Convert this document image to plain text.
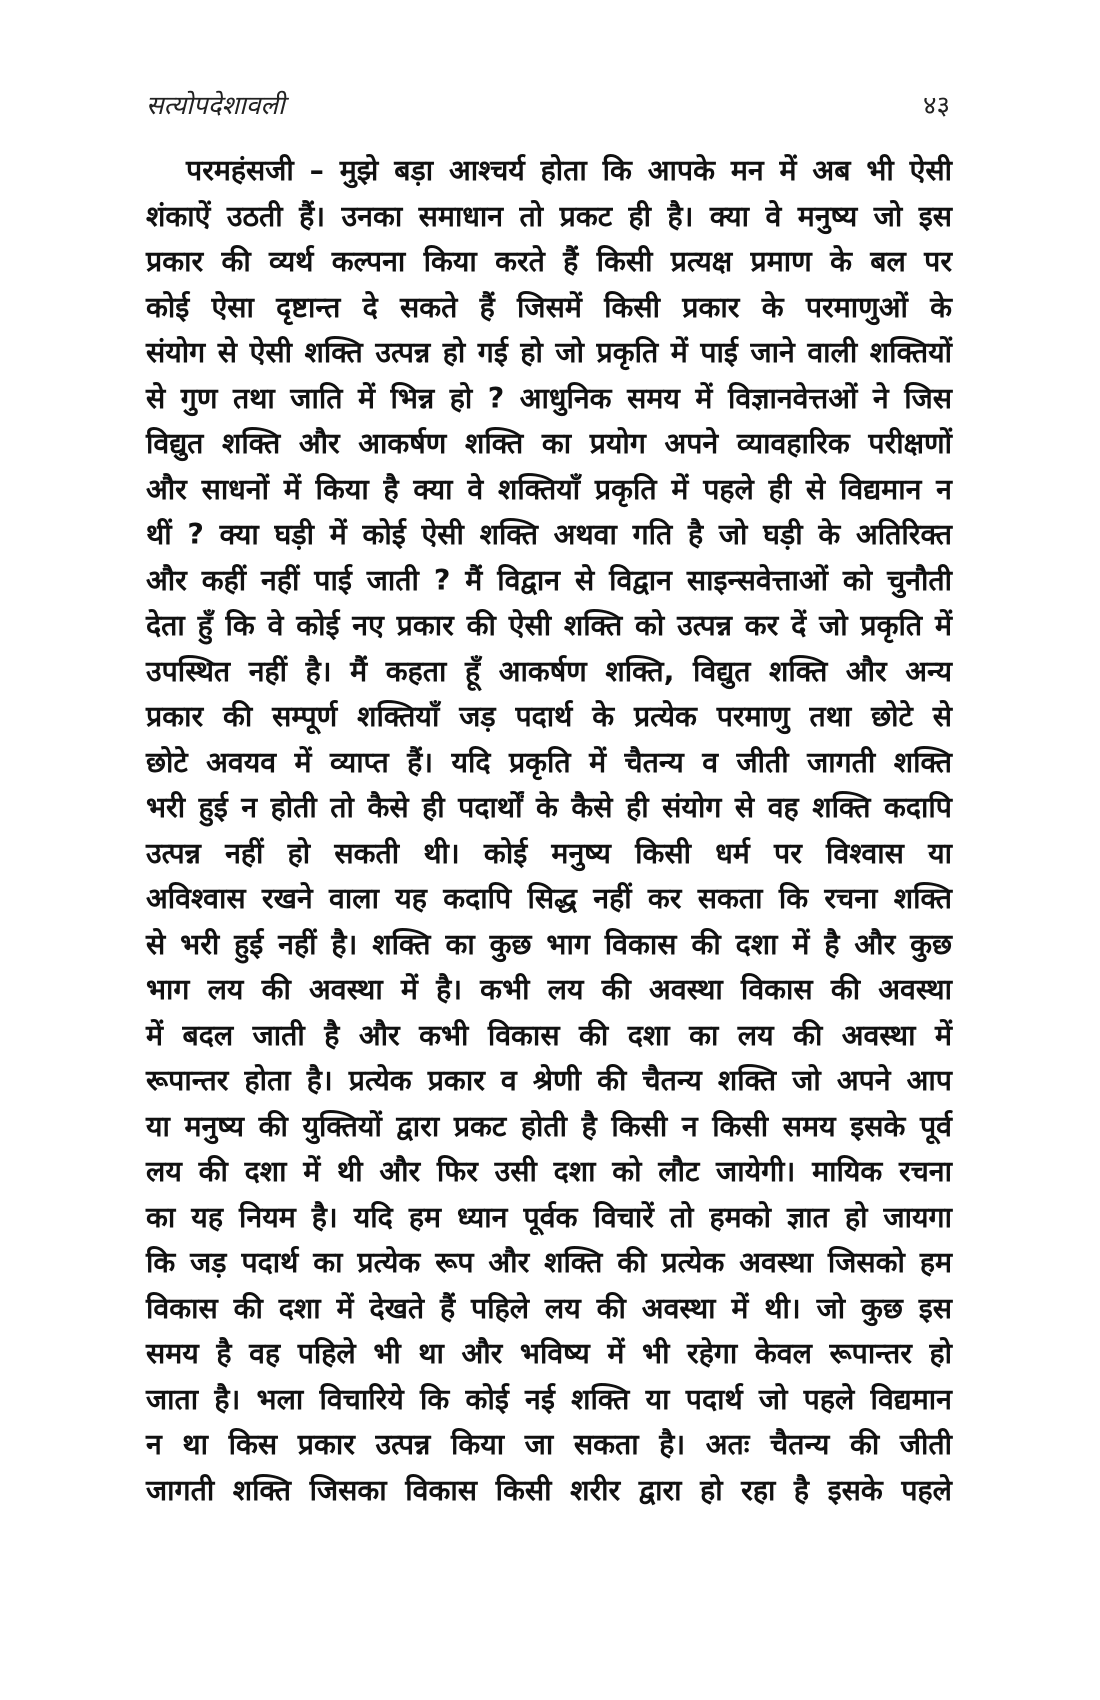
सत्योपदेशावली	४३
परमहंसजी – मुझे बड़ा आश्चर्य होता कि आपके मन में अब भी ऐसी
शंकाऐं उठती हैं। उनका समाधान तो प्रकट ही है। क्या वे मनुष्य जो इस
प्रकार की व्यर्थ कल्पना किया करते हैं किसी प्रत्यक्ष प्रमाण के बल पर
कोई ऐसा दृष्टान्त दे सकते हैं जिसमें किसी प्रकार के परमाणुओं के
संयोग से ऐसी शक्ति उत्पन्न हो गई हो जो प्रकृति में पाई जाने वाली शक्तियों
से गुण तथा जाति में भिन्न हो ? आधुनिक समय में विज्ञानवेत्तओं ने जिस
विद्युत शक्ति और आकर्षण शक्ति का प्रयोग अपने व्यावहारिक परीक्षणों
और साधनों में किया है क्या वे शक्तियाँ प्रकृति में पहले ही से विद्यमान न
थीं ? क्या घड़ी में कोई ऐसी शक्ति अथवा गति है जो घड़ी के अतिरिक्त
और कहीं नहीं पाई जाती ? मैं विद्वान से विद्वान साइन्सवेत्ताओं को चुनौती
देता हुँ कि वे कोई नए प्रकार की ऐसी शक्ति को उत्पन्न कर दें जो प्रकृति में
उपस्थित नहीं है। मैं कहता हूँ आकर्षण शक्ति, विद्युत शक्ति और अन्य
प्रकार की सम्पूर्ण शक्तियाँ जड़ पदार्थ के प्रत्येक परमाणु तथा छोटे से
छोटे अवयव में व्याप्त हैं। यदि प्रकृति में चैतन्य व जीती जागती शक्ति
भरी हुई न होती तो कैसे ही पदार्थों के कैसे ही संयोग से वह शक्ति कदापि
उत्पन्न नहीं हो सकती थी। कोई मनुष्य किसी धर्म पर विश्वास या
अविश्वास रखने वाला यह कदापि सिद्ध नहीं कर सकता कि रचना शक्ति
से भरी हुई नहीं है। शक्ति का कुछ भाग विकास की दशा में है और कुछ
भाग लय की अवस्था में है। कभी लय की अवस्था विकास की अवस्था
में बदल जाती है और कभी विकास की दशा का लय की अवस्था में
रूपान्तर होता है। प्रत्येक प्रकार व श्रेणी की चैतन्य शक्ति जो अपने आप
या मनुष्य की युक्तियों द्वारा प्रकट होती है किसी न किसी समय इसके पूर्व
लय की दशा में थी और फिर उसी दशा को लौट जायेगी। मायिक रचना
का यह नियम है। यदि हम ध्यान पूर्वक विचारें तो हमको ज्ञात हो जायगा
कि जड़ पदार्थ का प्रत्येक रूप और शक्ति की प्रत्येक अवस्था जिसको हम
विकास की दशा में देखते हैं पहिले लय की अवस्था में थी। जो कुछ इस
समय है वह पहिले भी था और भविष्य में भी रहेगा केवल रूपान्तर हो
जाता है। भला विचारिये कि कोई नई शक्ति या पदार्थ जो पहले विद्यमान
न था किस प्रकार उत्पन्न किया जा सकता है। अतः चैतन्य की जीती
जागती शक्ति जिसका विकास किसी शरीर द्वारा हो रहा है इसके पहले
